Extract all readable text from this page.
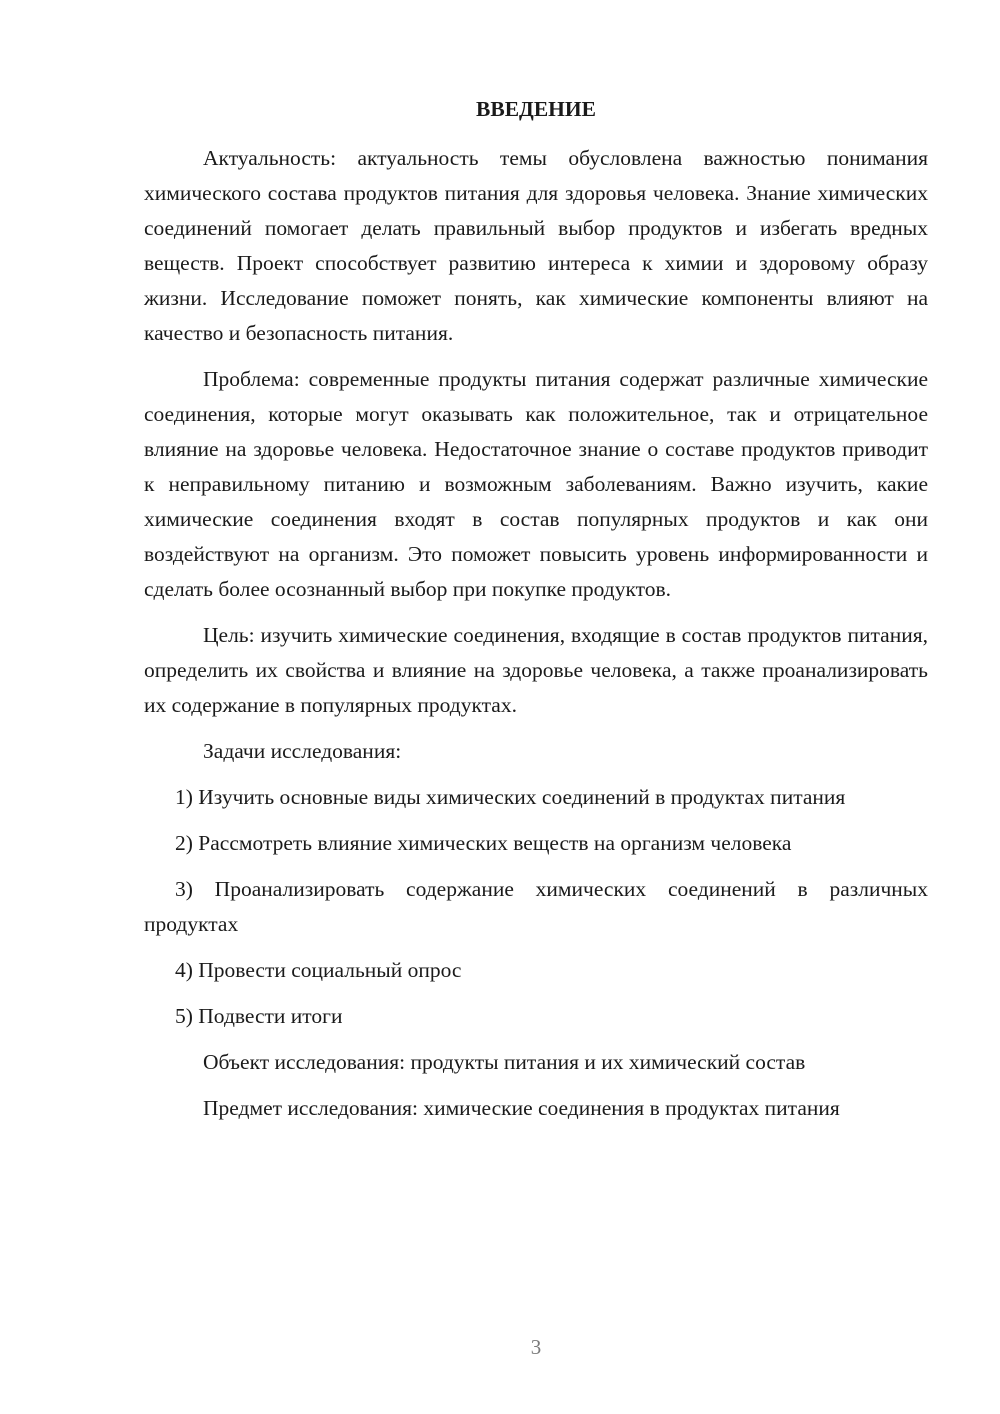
ВВЕДЕНИЕ

Актуальность: актуальность темы обусловлена важностью понимания химического состава продуктов питания для здоровья человека. Знание химических соединений помогает делать правильный выбор продуктов и избегать вредных веществ. Проект способствует развитию интереса к химии и здоровому образу жизни. Исследование поможет понять, как химические компоненты влияют на качество и безопасность питания.

Проблема: современные продукты питания содержат различные химические соединения, которые могут оказывать как положительное, так и отрицательное влияние на здоровье человека. Недостаточное знание о составе продуктов приводит к неправильному питанию и возможным заболеваниям. Важно изучить, какие химические соединения входят в состав популярных продуктов и как они воздействуют на организм. Это поможет повысить уровень информированности и сделать более осознанный выбор при покупке продуктов.

Цель: изучить химические соединения, входящие в состав продуктов питания, определить их свойства и влияние на здоровье человека, а также проанализировать их содержание в популярных продуктах.

Задачи исследования:

1) Изучить основные виды химических соединений в продуктах питания

2) Рассмотреть влияние химических веществ на организм человека

3) Проанализировать содержание химических соединений в различных продуктах

4) Провести социальный опрос

5) Подвести итоги

Объект исследования: продукты питания и их химический состав

Предмет исследования: химические соединения в продуктах питания

3
